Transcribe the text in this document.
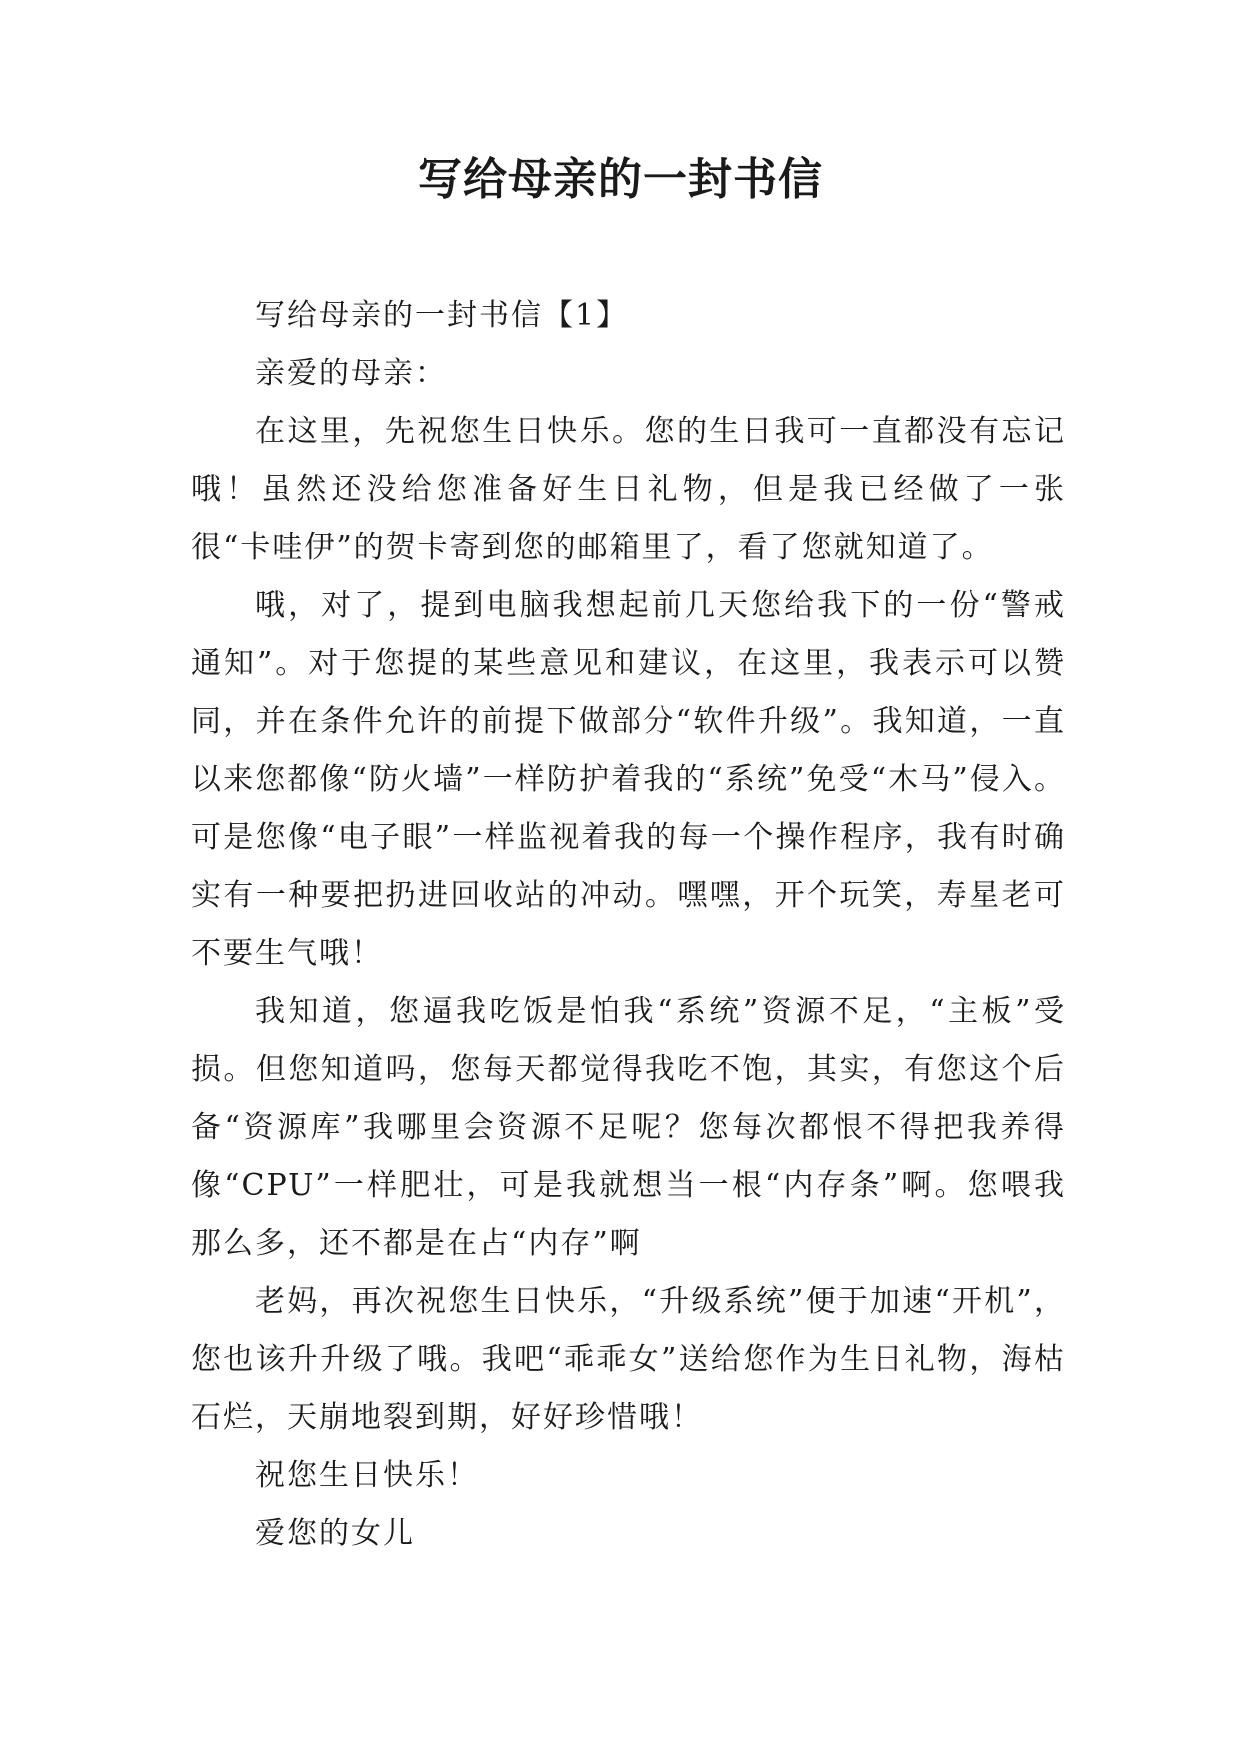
写给母亲的一封书信

写给母亲的一封书信【1】

亲爱的母亲：

在这里，先祝您生日快乐。您的生日我可一直都没有忘记哦！虽然还没给您准备好生日礼物，但是我已经做了一张很“卡哇伊”的贺卡寄到您的邮箱里了，看了您就知道了。

哦，对了，提到电脑我想起前几天您给我下的一份“警戒通知”。对于您提的某些意见和建议，在这里，我表示可以赞同，并在条件允许的前提下做部分“软件升级”。我知道，一直以来您都像“防火墙”一样防护着我的“系统”免受“木马”侵入。可是您像“电子眼”一样监视着我的每一个操作程序，我有时确实有一种要把扔进回收站的冲动。嘿嘿，开个玩笑，寿星老可不要生气哦！

我知道，您逼我吃饭是怕我“系统”资源不足，“主板”受损。但您知道吗，您每天都觉得我吃不饱，其实，有您这个后备“资源库”我哪里会资源不足呢？您每次都恨不得把我养得像“CPU”一样肥壮，可是我就想当一根“内存条”啊。您喂我那么多，还不都是在占“内存”啊

老妈，再次祝您生日快乐，“升级系统”便于加速“开机”，您也该升升级了哦。我吧“乖乖女”送给您作为生日礼物，海枯石烂，天崩地裂到期，好好珍惜哦！

祝您生日快乐！

爱您的女儿
